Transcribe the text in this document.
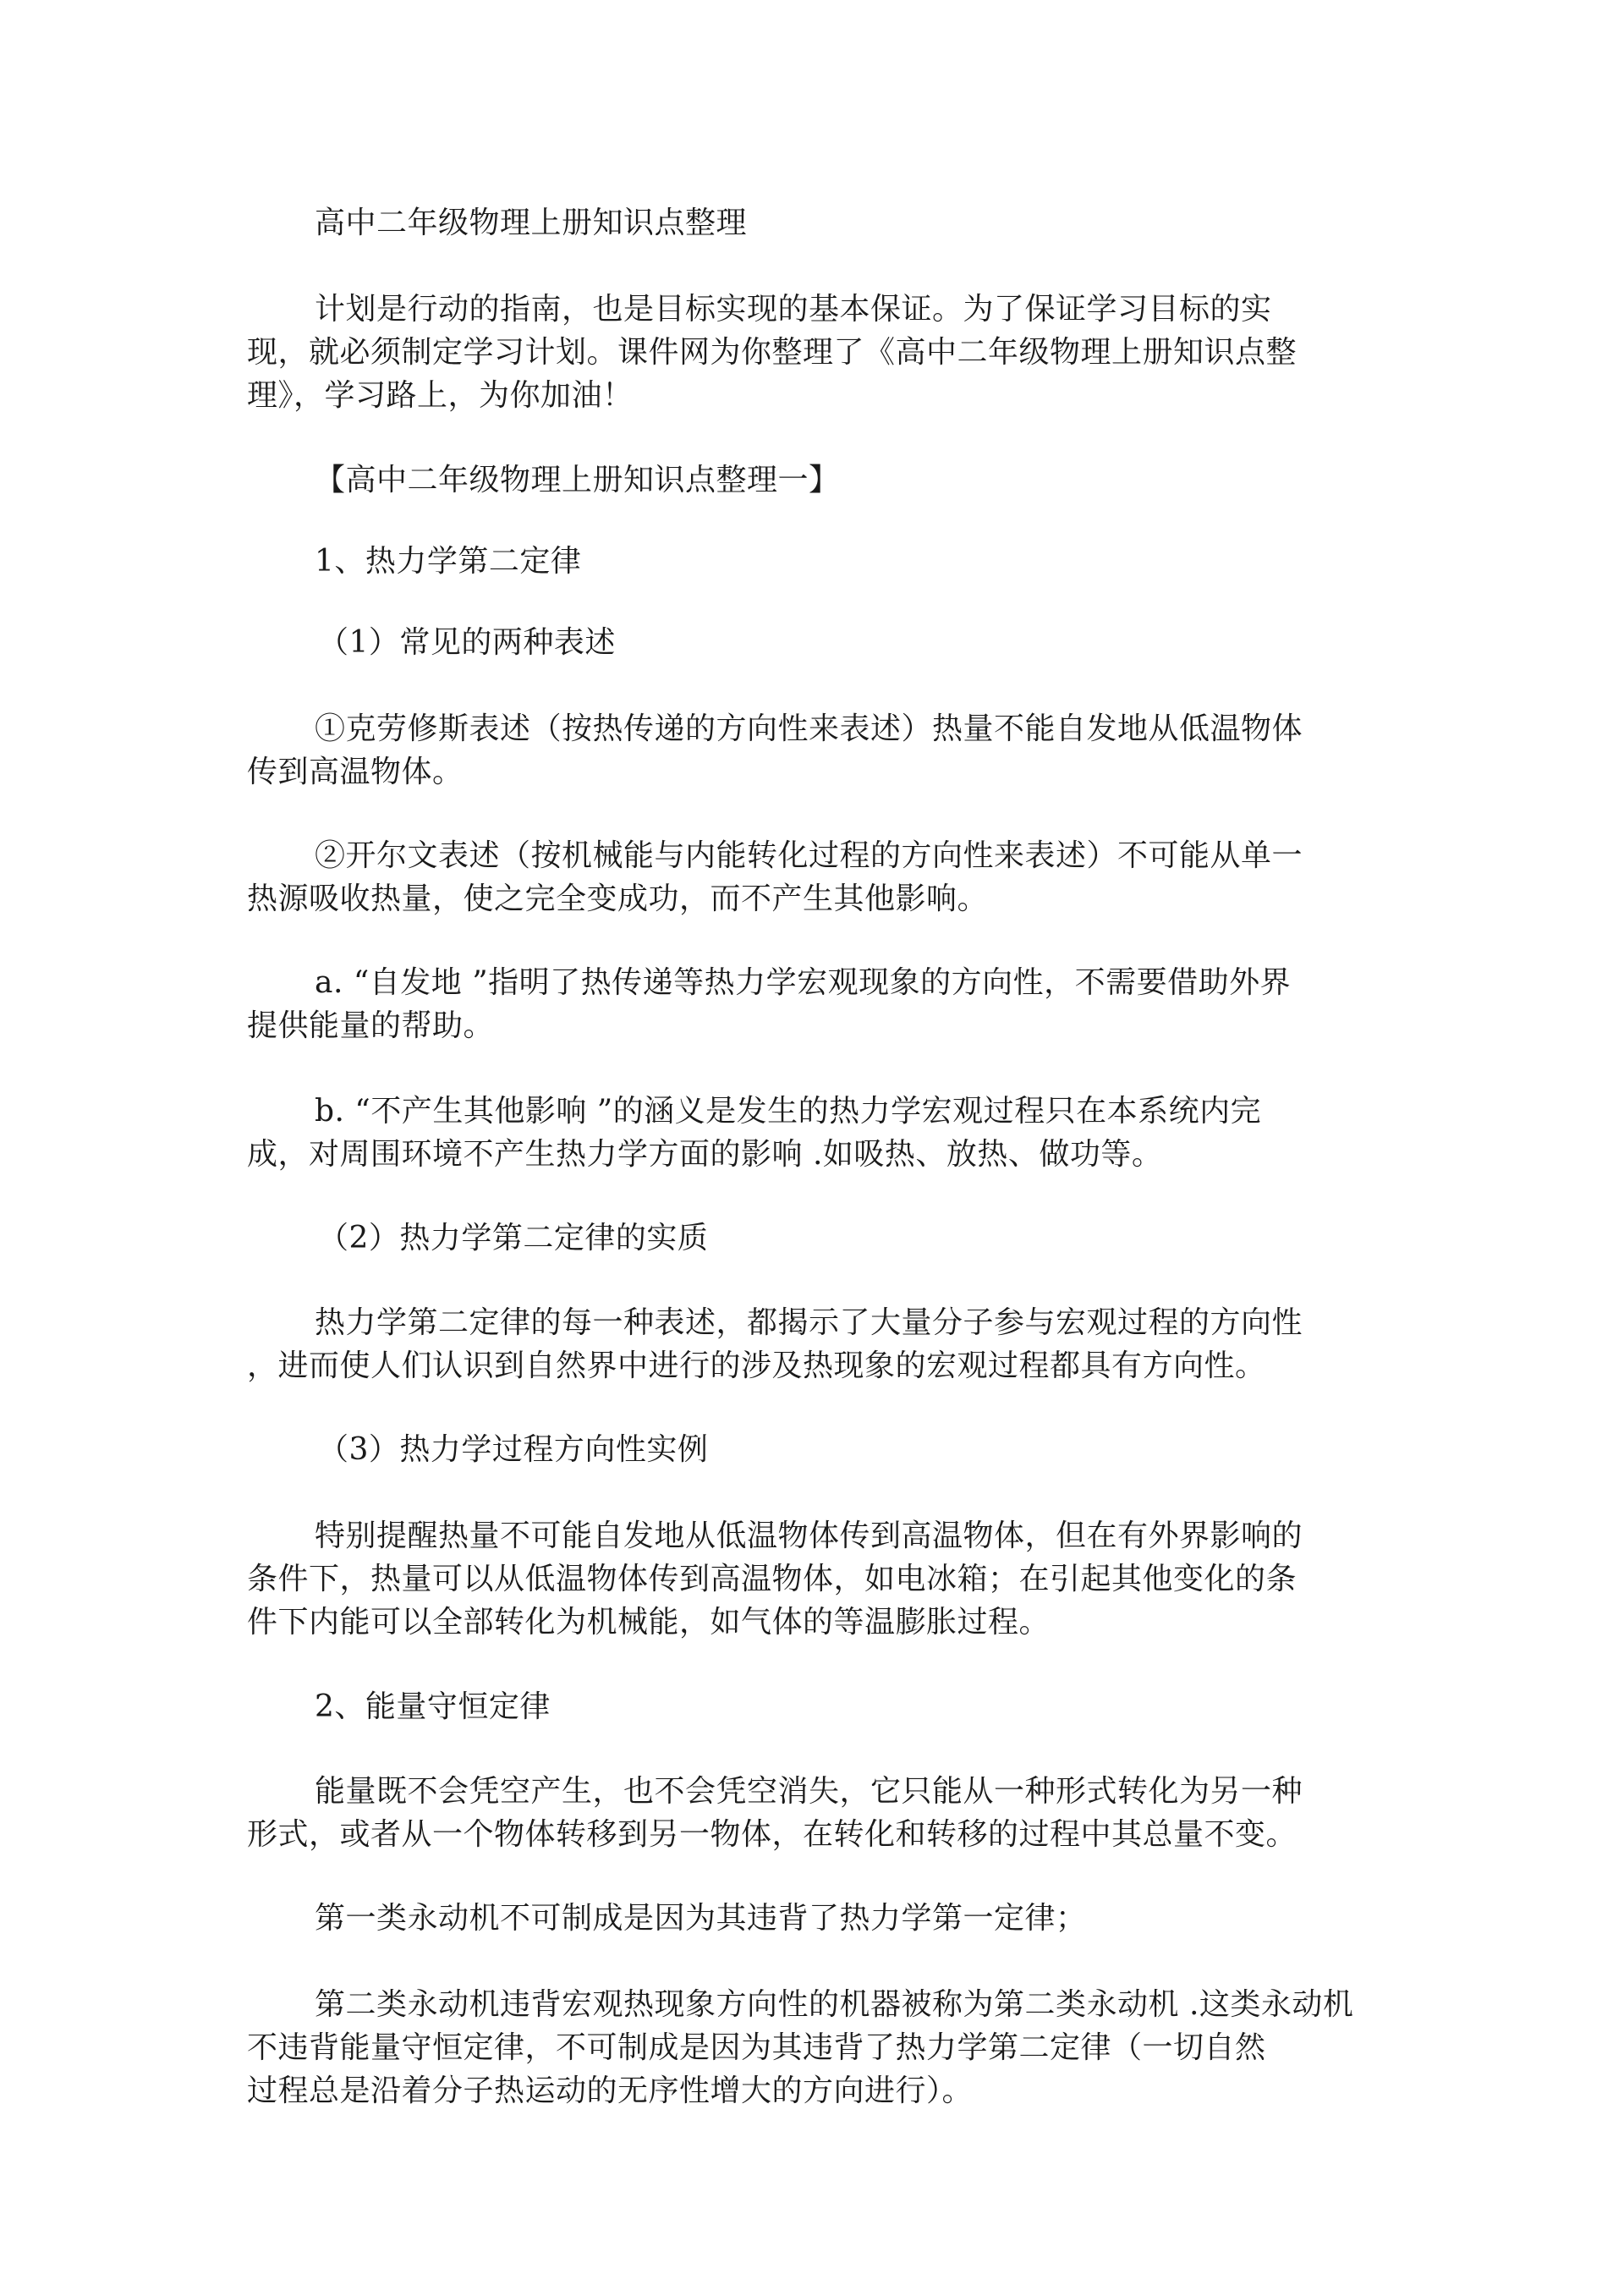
高中二年级物理上册知识点整理
计划是行动的指南，也是目标实现的基本保证。为了保证学习目标的实
现，就必须制定学习计划。课件网为你整理了《高中二年级物理上册知识点整
理》，学习路上，为你加油！
【高中二年级物理上册知识点整理一】
1、热力学第二定律
（1）常见的两种表述
①克劳修斯表述（按热传递的方向性来表述）热量不能自发地从低温物体
传到高温物体。
②开尔文表述（按机械能与内能转化过程的方向性来表述）不可能从单一
热源吸收热量，使之完全变成功，而不产生其他影响。
a. “自发地 ”指明了热传递等热力学宏观现象的方向性，不需要借助外界
提供能量的帮助。
b. “不产生其他影响 ”的涵义是发生的热力学宏观过程只在本系统内完
成，对周围环境不产生热力学方面的影响 .如吸热、放热、做功等。
（2）热力学第二定律的实质
热力学第二定律的每一种表述，都揭示了大量分子参与宏观过程的方向性
，进而使人们认识到自然界中进行的涉及热现象的宏观过程都具有方向性。
（3）热力学过程方向性实例
特别提醒热量不可能自发地从低温物体传到高温物体，但在有外界影响的
条件下，热量可以从低温物体传到高温物体，如电冰箱；在引起其他变化的条
件下内能可以全部转化为机械能，如气体的等温膨胀过程。
2、能量守恒定律
能量既不会凭空产生，也不会凭空消失，它只能从一种形式转化为另一种
形式，或者从一个物体转移到另一物体，在转化和转移的过程中其总量不变。
第一类永动机不可制成是因为其违背了热力学第一定律；
第二类永动机违背宏观热现象方向性的机器被称为第二类永动机 .这类永动机
不违背能量守恒定律，不可制成是因为其违背了热力学第二定律（一切自然
过程总是沿着分子热运动的无序性增大的方向进行）。
